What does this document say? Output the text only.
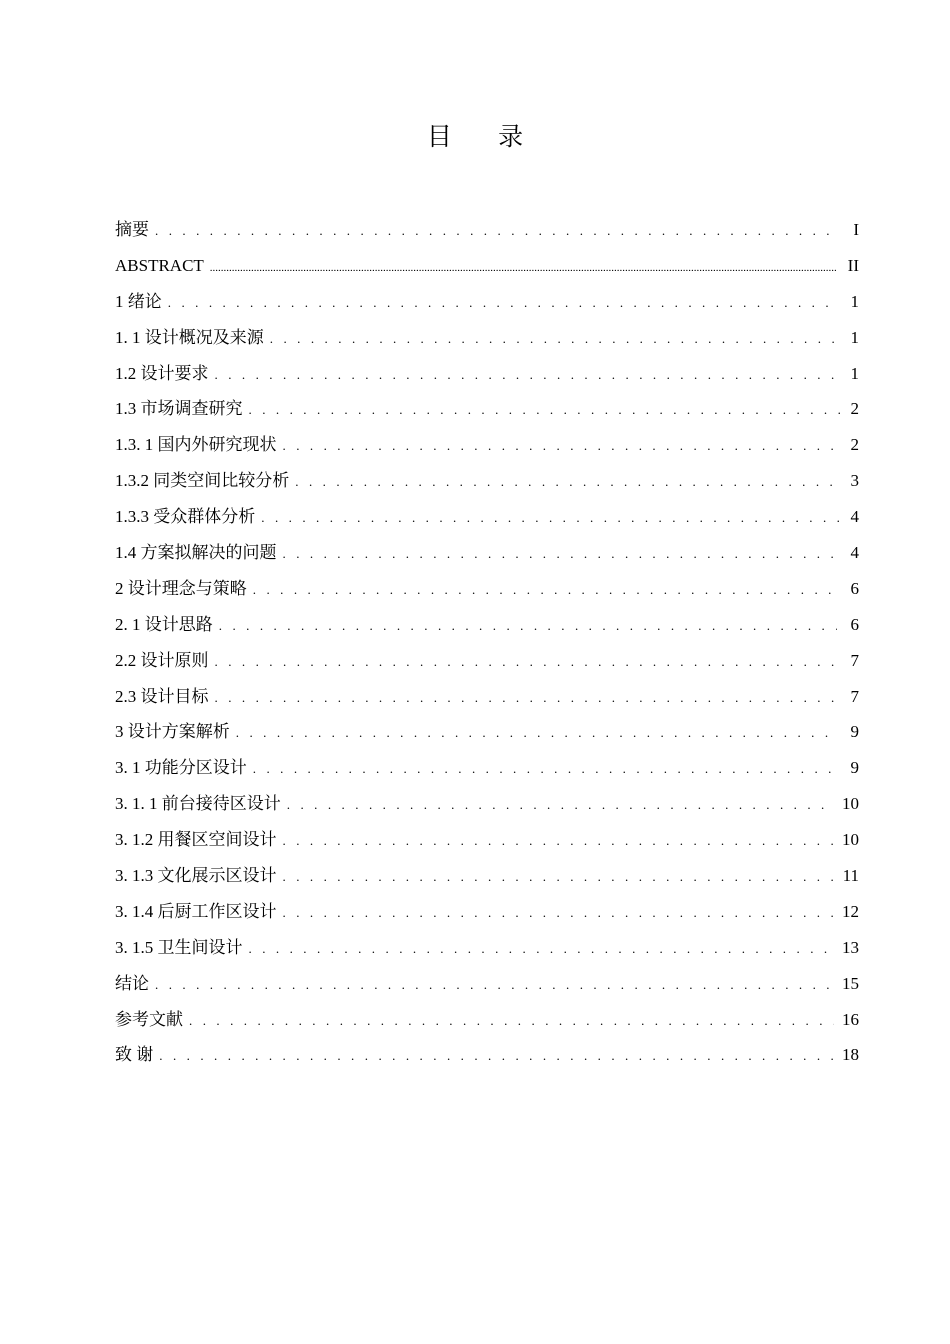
目 录
摘要 . . .	I
ABSTRACT .....	II
1 绪论 . . .	1
1. 1 设计概况及来源 . . .	1
1.2 设计要求 . . .	1
1.3 市场调查研究 . . .	2
1.3. 1 国内外研究现状 . . .	2
1.3.2 同类空间比较分析 . . .	3
1.3.3 受众群体分析 . . .	4
1.4 方案拟解决的问题 . . .	4
2 设计理念与策略 . . .	6
2. 1 设计思路 . . .	6
2.2 设计原则 . . .	7
2.3 设计目标 . . .	7
3 设计方案解析 . . .	9
3. 1 功能分区设计 . . .	9
3. 1. 1 前台接待区设计 . . .	10
3. 1.2 用餐区空间设计 . . .	10
3. 1.3 文化展示区设计 . . .	11
3. 1.4 后厨工作区设计 . . .	12
3. 1.5 卫生间设计 . . .	13
结论 . . .	15
参考文献 . . .	16
致 谢 . . .	18
